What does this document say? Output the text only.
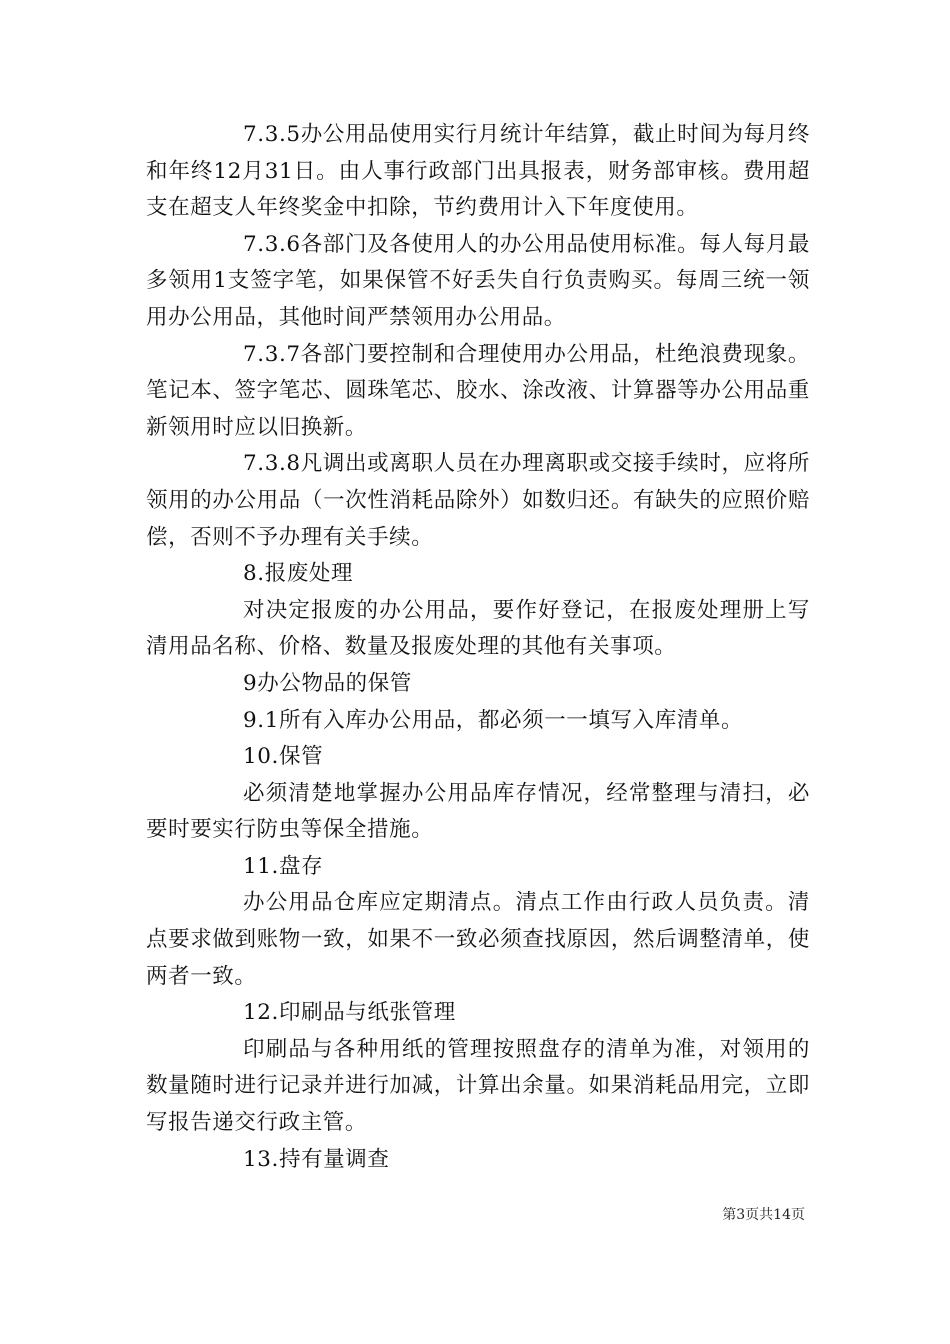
7.3.5办公用品使用实行月统计年结算，截止时间为每月终和年终12月31日。由人事行政部门出具报表，财务部审核。费用超支在超支人年终奖金中扣除，节约费用计入下年度使用。

7.3.6各部门及各使用人的办公用品使用标准。每人每月最多领用1支签字笔，如果保管不好丢失自行负责购买。每周三统一领用办公用品，其他时间严禁领用办公用品。

7.3.7各部门要控制和合理使用办公用品，杜绝浪费现象。笔记本、签字笔芯、圆珠笔芯、胶水、涂改液、计算器等办公用品重新领用时应以旧换新。

7.3.8凡调出或离职人员在办理离职或交接手续时，应将所领用的办公用品（一次性消耗品除外）如数归还。有缺失的应照价赔偿，否则不予办理有关手续。

8.报废处理

对决定报废的办公用品，要作好登记，在报废处理册上写清用品名称、价格、数量及报废处理的其他有关事项。

9办公物品的保管

9.1所有入库办公用品，都必须一一填写入库清单。

10.保管

必须清楚地掌握办公用品库存情况，经常整理与清扫，必要时要实行防虫等保全措施。

11.盘存

办公用品仓库应定期清点。清点工作由行政人员负责。清点要求做到账物一致，如果不一致必须查找原因，然后调整清单，使两者一致。

12.印刷品与纸张管理

印刷品与各种用纸的管理按照盘存的清单为准，对领用的数量随时进行记录并进行加减，计算出余量。如果消耗品用完，立即写报告递交行政主管。

13.持有量调查

第3页共14页
